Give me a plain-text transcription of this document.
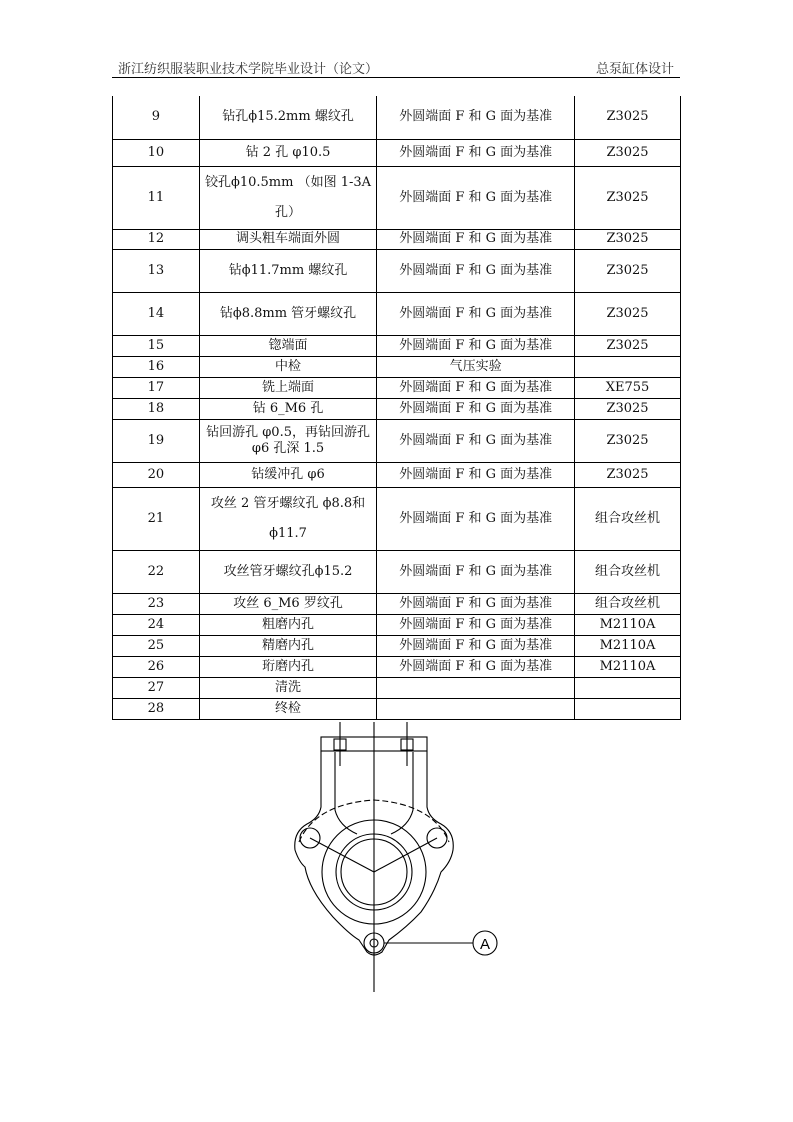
浙江纺织服装职业技术学院毕业设计（论文）	总泵缸体设计
9	钻孔ϕ15.2mm 螺纹孔	外圆端面 F 和 G 面为基准	Z3025
10	钻 2 孔 φ10.5	外圆端面 F 和 G 面为基准	Z3025
11	铰孔ϕ10.5mm （如图 1-3A 孔）	外圆端面 F 和 G 面为基准	Z3025
12	调头粗车端面外圆	外圆端面 F 和 G 面为基准	Z3025
13	钻ϕ11.7mm 螺纹孔	外圆端面 F 和 G 面为基准	Z3025
14	钻ϕ8.8mm 管牙螺纹孔	外圆端面 F 和 G 面为基准	Z3025
15	锪端面	外圆端面 F 和 G 面为基准	Z3025
16	中检	气压实验	
17	铣上端面	外圆端面 F 和 G 面为基准	XE755
18	钻 6_M6 孔	外圆端面 F 和 G 面为基准	Z3025
19	钻回游孔 φ0.5，再钻回游孔 φ6 孔深 1.5	外圆端面 F 和 G 面为基准	Z3025
20	钻缓冲孔 φ6	外圆端面 F 和 G 面为基准	Z3025
21	攻丝 2 管牙螺纹孔 ϕ8.8和ϕ11.7	外圆端面 F 和 G 面为基准	组合攻丝机
22	攻丝管牙螺纹孔ϕ15.2	外圆端面 F 和 G 面为基准	组合攻丝机
23	攻丝 6_M6 罗纹孔	外圆端面 F 和 G 面为基准	组合攻丝机
24	粗磨内孔	外圆端面 F 和 G 面为基准	M2110A
25	精磨内孔	外圆端面 F 和 G 面为基准	M2110A
26	珩磨内孔	外圆端面 F 和 G 面为基准	M2110A
27	清洗		
28	终检		
A
